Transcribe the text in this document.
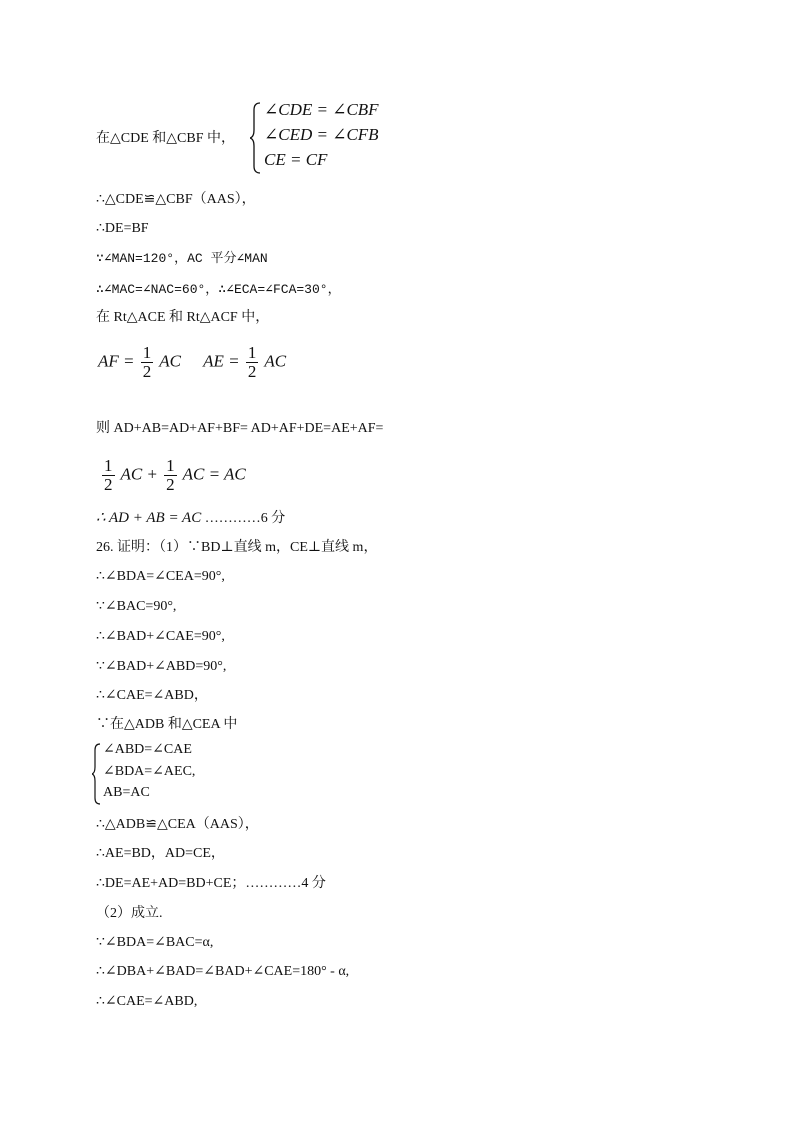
在△CDE 和△CBF 中，
∠CDE = ∠CBF
∠CED = ∠CFB
CE = CF
∴△CDE≌△CBF（AAS），
∴DE=BF
∵∠MAN=120°，AC 平分∠MAN
∴∠MAC=∠NAC=60°，∴∠ECA=∠FCA=30°，
在 Rt△ACE 和 Rt△ACF 中，
AF = $\frac{1}{2}$ AC AE = $\frac{1}{2}$ AC
则 AD+AB=AD+AF+BF= AD+AF+DE=AE+AF=
$\frac{1}{2}$ AC + $\frac{1}{2}$ AC = AC
∴ AD + AB = AC …………6 分
26. 证明：（1）∵BD⊥直线 m，CE⊥直线 m，
∴∠BDA=∠CEA=90°,
∵∠BAC=90°,
∴∠BAD+∠CAE=90°,
∵∠BAD+∠ABD=90°,
∴∠CAE=∠ABD，
∵在△ADB 和△CEA 中
∠ABD=∠CAE
∠BDA=∠AEC,
AB=AC
∴△ADB≌△CEA（AAS），
∴AE=BD，AD=CE，
∴DE=AE+AD=BD+CE；…………4 分
（2）成立.
∵∠BDA=∠BAC=α,
∴∠DBA+∠BAD=∠BAD+∠CAE=180° - α,
∴∠CAE=∠ABD,
